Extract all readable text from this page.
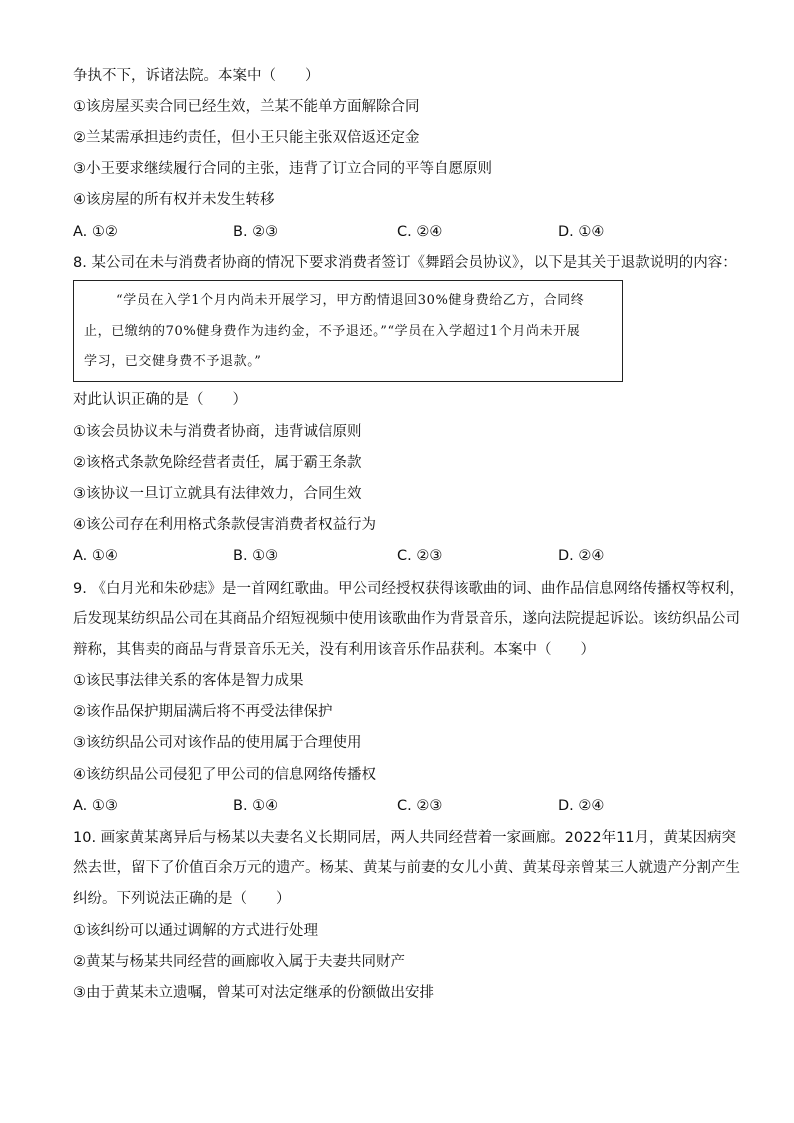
争执不下，诉诸法院。本案中（　　）
①该房屋买卖合同已经生效，兰某不能单方面解除合同
②兰某需承担违约责任，但小王只能主张双倍返还定金
③小王要求继续履行合同的主张，违背了订立合同的平等自愿原则
④该房屋的所有权并未发生转移
A. ①②	B. ②③	C. ②④	D. ①④
8. 某公司在未与消费者协商的情况下要求消费者签订《舞蹈会员协议》，以下是其关于退款说明的内容：
“学员在入学1个月内尚未开展学习，甲方酌情退回30%健身费给乙方，合同终
止，已缴纳的70%健身费作为违约金，不予退还。”“学员在入学超过1个月尚未开展
学习，已交健身费不予退款。”
对此认识正确的是（　　）
①该会员协议未与消费者协商，违背诚信原则
②该格式条款免除经营者责任，属于霸王条款
③该协议一旦订立就具有法律效力，合同生效
④该公司存在利用格式条款侵害消费者权益行为
A. ①④	B. ①③	C. ②③	D. ②④
9. 《白月光和朱砂痣》是一首网红歌曲。甲公司经授权获得该歌曲的词、曲作品信息网络传播权等权利，
后发现某纺织品公司在其商品介绍短视频中使用该歌曲作为背景音乐，遂向法院提起诉讼。该纺织品公司
辩称，其售卖的商品与背景音乐无关，没有利用该音乐作品获利。本案中（　　）
①该民事法律关系的客体是智力成果
②该作品保护期届满后将不再受法律保护
③该纺织品公司对该作品的使用属于合理使用
④该纺织品公司侵犯了甲公司的信息网络传播权
A. ①③	B. ①④	C. ②③	D. ②④
10. 画家黄某离异后与杨某以夫妻名义长期同居，两人共同经营着一家画廊。2022年11月，黄某因病突
然去世，留下了价值百余万元的遗产。杨某、黄某与前妻的女儿小黄、黄某母亲曾某三人就遗产分割产生
纠纷。下列说法正确的是（　　）
①该纠纷可以通过调解的方式进行处理
②黄某与杨某共同经营的画廊收入属于夫妻共同财产
③由于黄某未立遗嘱，曾某可对法定继承的份额做出安排
